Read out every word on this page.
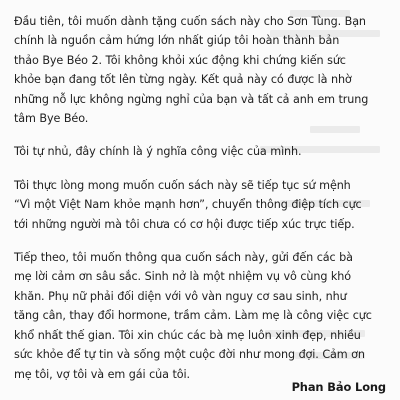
Đầu tiên, tôi muốn dành tặng cuốn sách này cho Sơn Tùng. Bạn
chính là nguồn cảm hứng lớn nhất giúp tôi hoàn thành bản
thảo Bye Béo 2. Tôi không khỏi xúc động khi chứng kiến sức
khỏe bạn đang tốt lên từng ngày. Kết quả này có được là nhờ
những nỗ lực không ngừng nghỉ của bạn và tất cả anh em trung
tâm Bye Béo.
Tôi tự nhủ, đây chính là ý nghĩa công việc của mình.
Tôi thực lòng mong muốn cuốn sách này sẽ tiếp tục sứ mệnh
“Vì một Việt Nam khỏe mạnh hơn”, chuyển thông điệp tích cực
tới những người mà tôi chưa có cơ hội được tiếp xúc trực tiếp.
Tiếp theo, tôi muốn thông qua cuốn sách này, gửi đến các bà
mẹ lời cảm ơn sâu sắc. Sinh nở là một nhiệm vụ vô cùng khó
khăn. Phụ nữ phải đối diện với vô vàn nguy cơ sau sinh, như
tăng cân, thay đổi hormone, trầm cảm. Làm mẹ là công việc cực
khổ nhất thế gian. Tôi xin chúc các bà mẹ luôn xinh đẹp, nhiều
sức khỏe để tự tin và sống một cuộc đời như mong đợi. Cảm ơn
mẹ tôi, vợ tôi và em gái của tôi.
Phan Bảo Long
